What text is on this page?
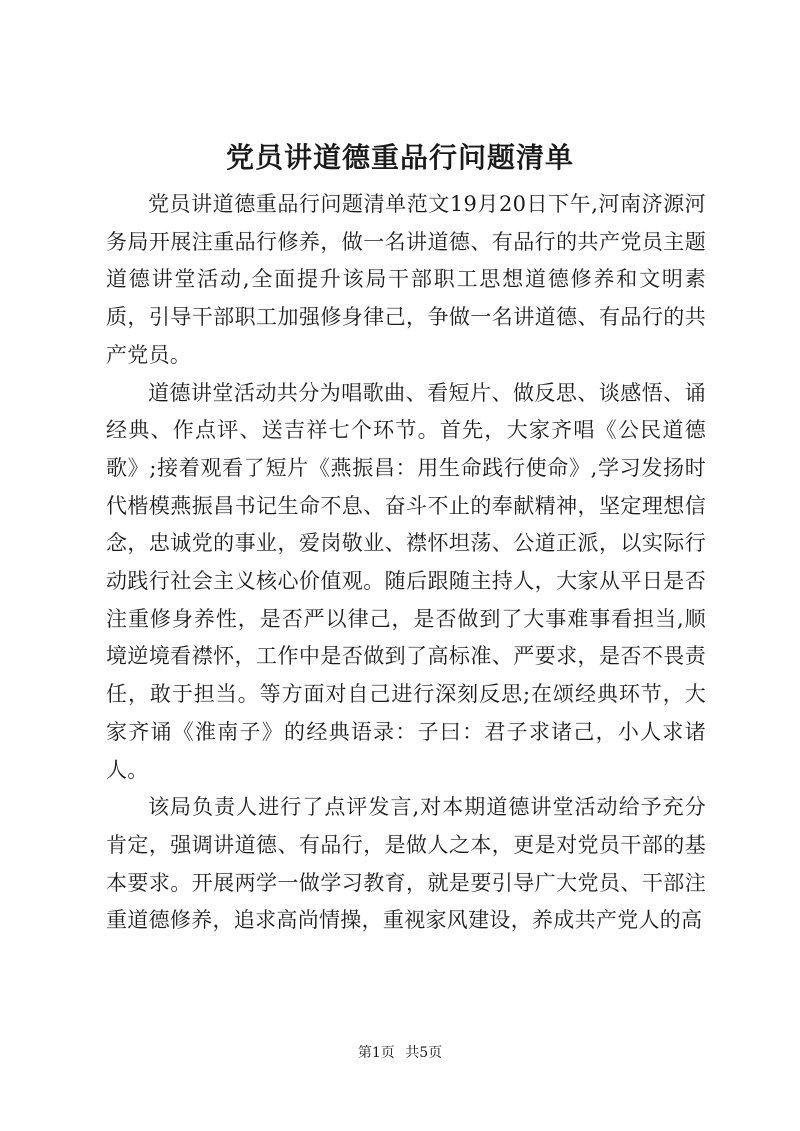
党员讲道德重品行问题清单

党员讲道德重品行问题清单范文19月20日下午,河南济源河务局开展注重品行修养，做一名讲道德、有品行的共产党员主题道德讲堂活动,全面提升该局干部职工思想道德修养和文明素质，引导干部职工加强修身律己，争做一名讲道德、有品行的共产党员。

道德讲堂活动共分为唱歌曲、看短片、做反思、谈感悟、诵经典、作点评、送吉祥七个环节。首先，大家齐唱《公民道德歌》;接着观看了短片《燕振昌：用生命践行使命》,学习发扬时代楷模燕振昌书记生命不息、奋斗不止的奉献精神，坚定理想信念，忠诚党的事业，爱岗敬业、襟怀坦荡、公道正派，以实际行动践行社会主义核心价值观。随后跟随主持人，大家从平日是否注重修身养性，是否严以律己，是否做到了大事难事看担当,顺境逆境看襟怀，工作中是否做到了高标准、严要求，是否不畏责任，敢于担当。等方面对自己进行深刻反思;在颂经典环节，大家齐诵《淮南子》的经典语录：子曰：君子求诸己，小人求诸人。

该局负责人进行了点评发言,对本期道德讲堂活动给予充分肯定，强调讲道德、有品行，是做人之本，更是对党员干部的基本要求。开展两学一做学习教育，就是要引导广大党员、干部注重道德修养，追求高尚情操，重视家风建设，养成共产党人的高

第1页 共5页
